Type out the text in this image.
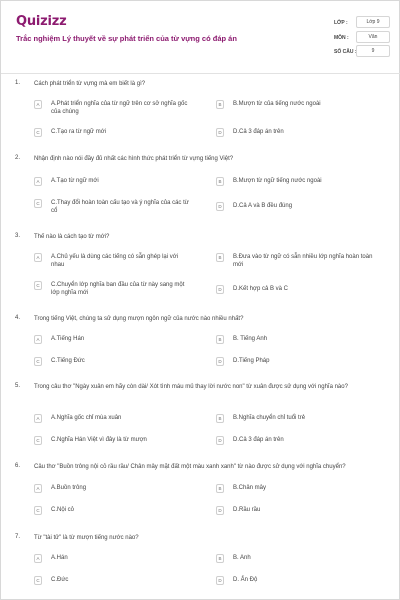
Quizizz
Trắc nghiệm Lý thuyết về sự phát triển của từ vựng có đáp án
LỚP :	Lớp 9
MÔN :	Văn
SỐ CÂU :	9
1. Cách phát triển từ vựng mà em biết là gì?
A	A.Phát triển nghĩa của từ ngữ trên cơ sở nghĩa gốc của chúng
B	B.Mượn từ của tiếng nước ngoài
C	C.Tạo ra từ ngữ mới	D	D.Cả 3 đáp án trên
2. Nhận định nào nói đầy đủ nhất các hình thức phát triển từ vựng tiếng Việt?
A	A.Tạo từ ngữ mới	B	B.Mượn từ ngữ tiếng nước ngoài
C	C.Thay đổi hoàn toàn cấu tạo và ý nghĩa của các từ cổ
D	D.Cả A và B đều đúng
3. Thế nào là cách tạo từ mới?
A	A.Chủ yếu là dùng các tiếng có sẵn ghép lại với nhau
B	B.Đưa vào từ ngữ có sẵn nhiều lớp nghĩa hoàn toàn mới
C	C.Chuyển lớp nghĩa ban đầu của từ này sang một lớp nghĩa mới	D	D.Kết hợp cả B và C
4. Trong tiếng Việt, chúng ta sử dụng mượn ngôn ngữ của nước nào nhiều nhất?
A	A.Tiếng Hán	B	B. Tiếng Anh
C	C.Tiếng Đức	D	D.Tiếng Pháp
5. Trong câu thơ "Ngày xuân em hãy còn dài/ Xót tình máu mủ thay lời nước non" từ xuân được sử dụng với nghĩa nào?
A	A.Nghĩa gốc chỉ mùa xuân	B	B.Nghĩa chuyển chỉ tuổi trẻ
C	C.Nghĩa Hán Việt vì đây là từ mượn	D	D.Cả 3 đáp án trên
6. Câu thơ "Buồn trông nội cỏ rầu rầu/ Chân mây mặt đất một màu xanh xanh" từ nào được sử dụng với nghĩa chuyển?
A	A.Buồn trông	B	B.Chân mây
C	C.Nội cỏ	D	D.Rầu rầu
7. Từ "tài tử" là từ mượn tiếng nước nào?
A	A.Hán	B	B. Anh
C	C.Đức	D	D. Ấn Độ
